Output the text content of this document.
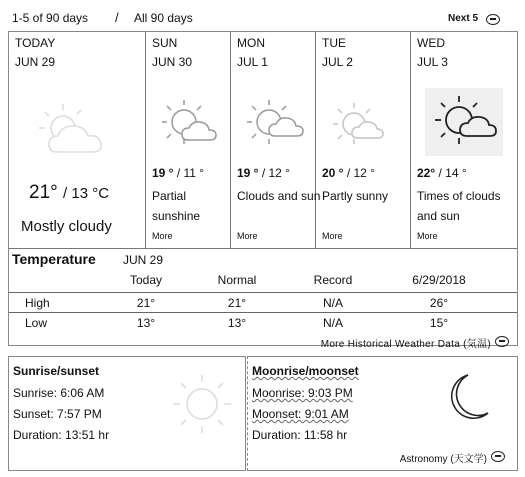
1-5 of 90 days / All 90 days	Next 5
TODAY
JUN 29
21° / 13 °C
Mostly cloudy
SUN
JUN 30
19 ° / 11 °
Partial sunshine
More
MON
JUL 1
19 ° / 12 °
Clouds and sun
More
TUE
JUL 2
20 ° / 12 °
Partly sunny
More
WED
JUL 3
22° / 14 °
Times of clouds and sun
More
Temperature JUN 29
Today	Normal	Record	6/29/2018
High	21°	21°	N/A	26°
Low	13°	13°	N/A	15°
More Historical Weather Data (気温)
Sunrise/sunset
Sunrise: 6:06 AM
Sunset: 7:57 PM
Duration: 13:51 hr
Moonrise/moonset
Moonrise: 9:03 PM
Moonset: 9:01 AM
Duration: 11:58 hr
Astronomy (天文学)
